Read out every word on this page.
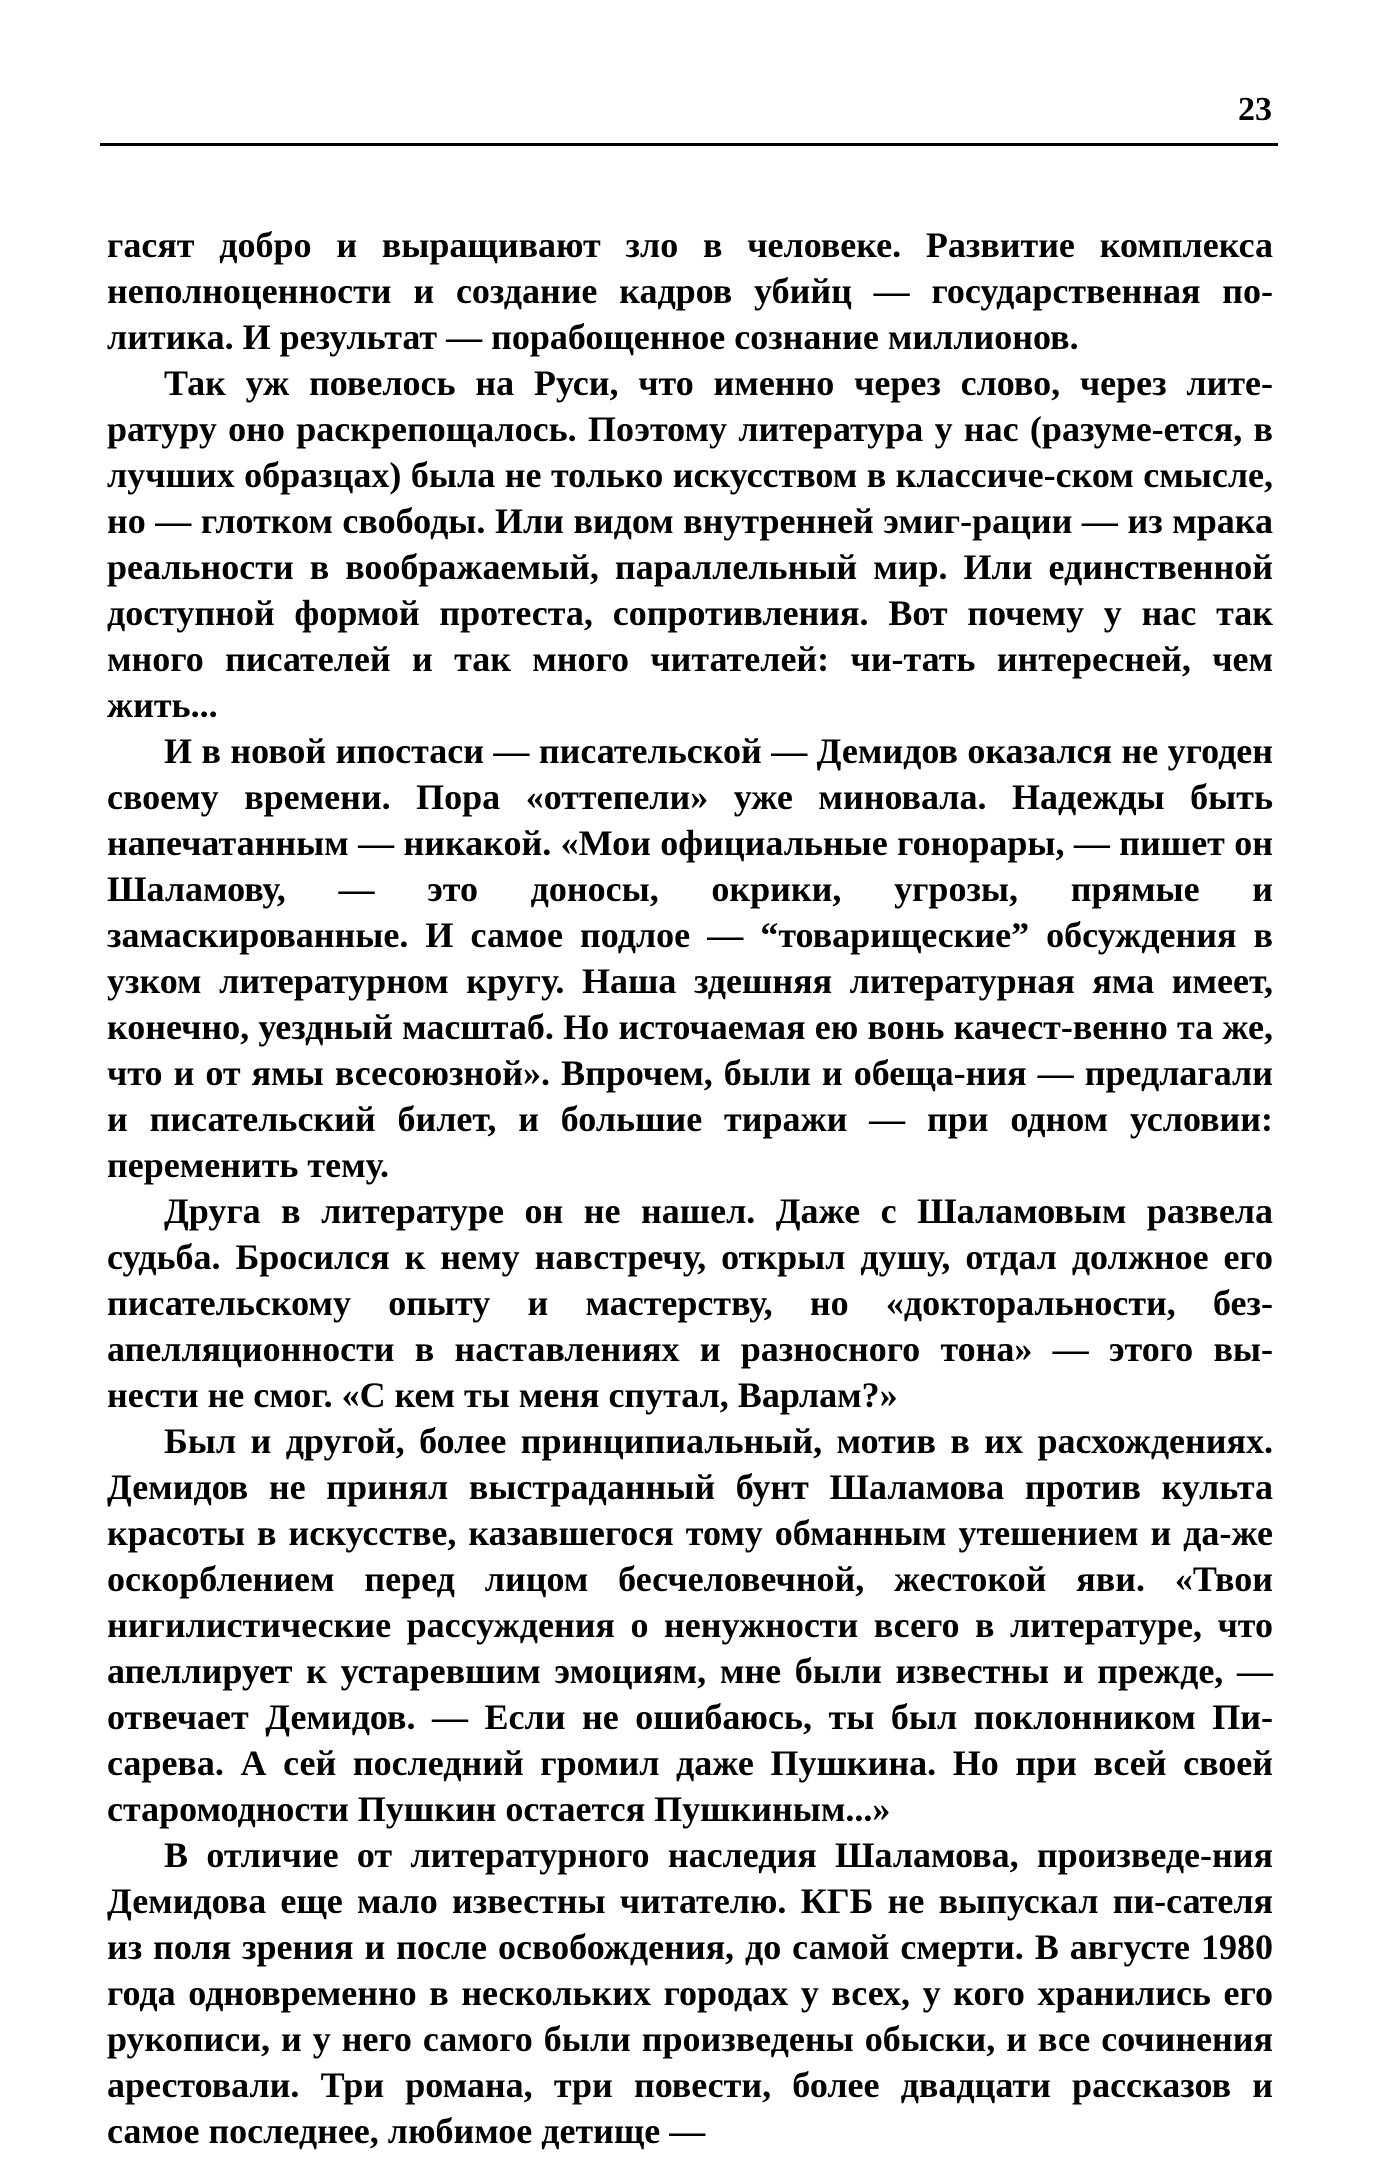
23

гасят добро и выращивают зло в человеке. Развитие комплекса неполноценности и создание кадров убийц — государственная по-литика. И результат — порабощенное сознание миллионов.

Так уж повелось на Руси, что именно через слово, через лите-ратуру оно раскрепощалось. Поэтому литература у нас (разуме-ется, в лучших образцах) была не только искусством в классиче-ском смысле, но — глотком свободы. Или видом внутренней эмиг-рации — из мрака реальности в воображаемый, параллельный мир. Или единственной доступной формой протеста, сопротивления. Вот почему у нас так много писателей и так много читателей: чи-тать интересней, чем жить...

И в новой ипостаси — писательской — Демидов оказался не угоден своему времени. Пора «оттепели» уже миновала. Надежды быть напечатанным — никакой. «Мои официальные гонорары, — пишет он Шаламову, — это доносы, окрики, угрозы, прямые и замаскированные. И самое подлое — “товарищеские” обсуждения в узком литературном кругу. Наша здешняя литературная яма имеет, конечно, уездный масштаб. Но источаемая ею вонь качест-венно та же, что и от ямы всесоюзной». Впрочем, были и обеща-ния — предлагали и писательский билет, и большие тиражи — при одном условии: переменить тему.

Друга в литературе он не нашел. Даже с Шаламовым развела судьба. Бросился к нему навстречу, открыл душу, отдал должное его писательскому опыту и мастерству, но «докторальности, без-апелляционности в наставлениях и разносного тона» — этого вы-нести не смог. «С кем ты меня спутал, Варлам?»

Был и другой, более принципиальный, мотив в их расхождениях. Демидов не принял выстраданный бунт Шаламова против культа красоты в искусстве, казавшегося тому обманным утешением и да-же оскорблением перед лицом бесчеловечной, жестокой яви. «Твои нигилистические рассуждения о ненужности всего в литературе, что апеллирует к устаревшим эмоциям, мне были известны и прежде, — отвечает Демидов. — Если не ошибаюсь, ты был поклонником Пи-сарева. А сей последний громил даже Пушкина. Но при всей своей старомодности Пушкин остается Пушкиным...»

В отличие от литературного наследия Шаламова, произведе-ния Демидова еще мало известны читателю. КГБ не выпускал пи-сателя из поля зрения и после освобождения, до самой смерти. В августе 1980 года одновременно в нескольких городах у всех, у кого хранились его рукописи, и у него самого были произведены обыски, и все сочинения арестовали. Три романа, три повести, более двадцати рассказов и самое последнее, любимое детище —
